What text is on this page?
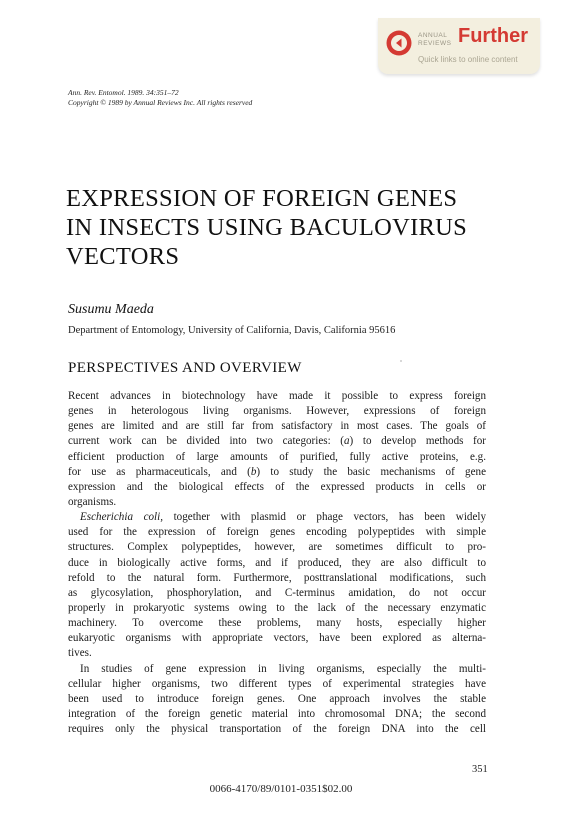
ANNUAL
REVIEWS Further
Quick links to online content
Ann. Rev. Entomol. 1989. 34:351–72
Copyright © 1989 by Annual Reviews Inc. All rights reserved
EXPRESSION OF FOREIGN GENES
IN INSECTS USING BACULOVIRUS
VECTORS
Susumu Maeda
Department of Entomology, University of California, Davis, California 95616
PERSPECTIVES AND OVERVIEW
Recent advances in biotechnology have made it possible to express foreign
genes in heterologous living organisms. However, expressions of foreign
genes are limited and are still far from satisfactory in most cases. The goals of
current work can be divided into two categories: (a) to develop methods for
efficient production of large amounts of purified, fully active proteins, e.g.
for use as pharmaceuticals, and (b) to study the basic mechanisms of gene
expression and the biological effects of the expressed products in cells or
organisms.
Escherichia coli, together with plasmid or phage vectors, has been widely
used for the expression of foreign genes encoding polypeptides with simple
structures. Complex polypeptides, however, are sometimes difficult to pro-
duce in biologically active forms, and if produced, they are also difficult to
refold to the natural form. Furthermore, posttranslational modifications, such
as glycosylation, phosphorylation, and C-terminus amidation, do not occur
properly in prokaryotic systems owing to the lack of the necessary enzymatic
machinery. To overcome these problems, many hosts, especially higher
eukaryotic organisms with appropriate vectors, have been explored as alterna-
tives.
In studies of gene expression in living organisms, especially the multi-
cellular higher organisms, two different types of experimental strategies have
been used to introduce foreign genes. One approach involves the stable
integration of the foreign genetic material into chromosomal DNA; the second
requires only the physical transportation of the foreign DNA into the cell
351
0066-4170/89/0101-0351$02.00
